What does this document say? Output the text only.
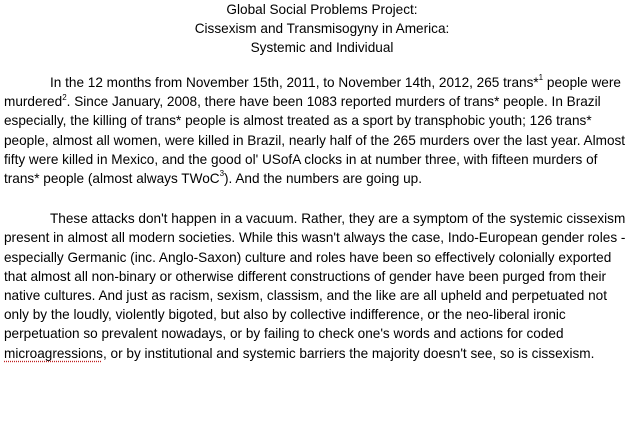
Global Social Problems Project:
Cissexism and Transmisogyny in America:
Systemic and Individual

In the 12 months from November 15th, 2011, to November 14th, 2012, 265 trans*$^1$ people were murdered$^2$. Since January, 2008, there have been 1083 reported murders of trans* people. In Brazil especially, the killing of trans* people is almost treated as a sport by transphobic youth; 126 trans* people, almost all women, were killed in Brazil, nearly half of the 265 murders over the last year. Almost fifty were killed in Mexico, and the good ol' USofA clocks in at number three, with fifteen murders of trans* people (almost always TWoC$^3$). And the numbers are going up.

These attacks don't happen in a vacuum. Rather, they are a symptom of the systemic cissexism present in almost all modern societies. While this wasn't always the case, Indo-European gender roles - especially Germanic (inc. Anglo-Saxon) culture and roles have been so effectively colonially exported that almost all non-binary or otherwise different constructions of gender have been purged from their native cultures. And just as racism, sexism, classism, and the like are all upheld and perpetuated not only by the loudly, violently bigoted, but also by collective indifference, or the neo-liberal ironic perpetuation so prevalent nowadays, or by failing to check one's words and actions for coded microagressions, or by institutional and systemic barriers the majority doesn't see, so is cissexism.
